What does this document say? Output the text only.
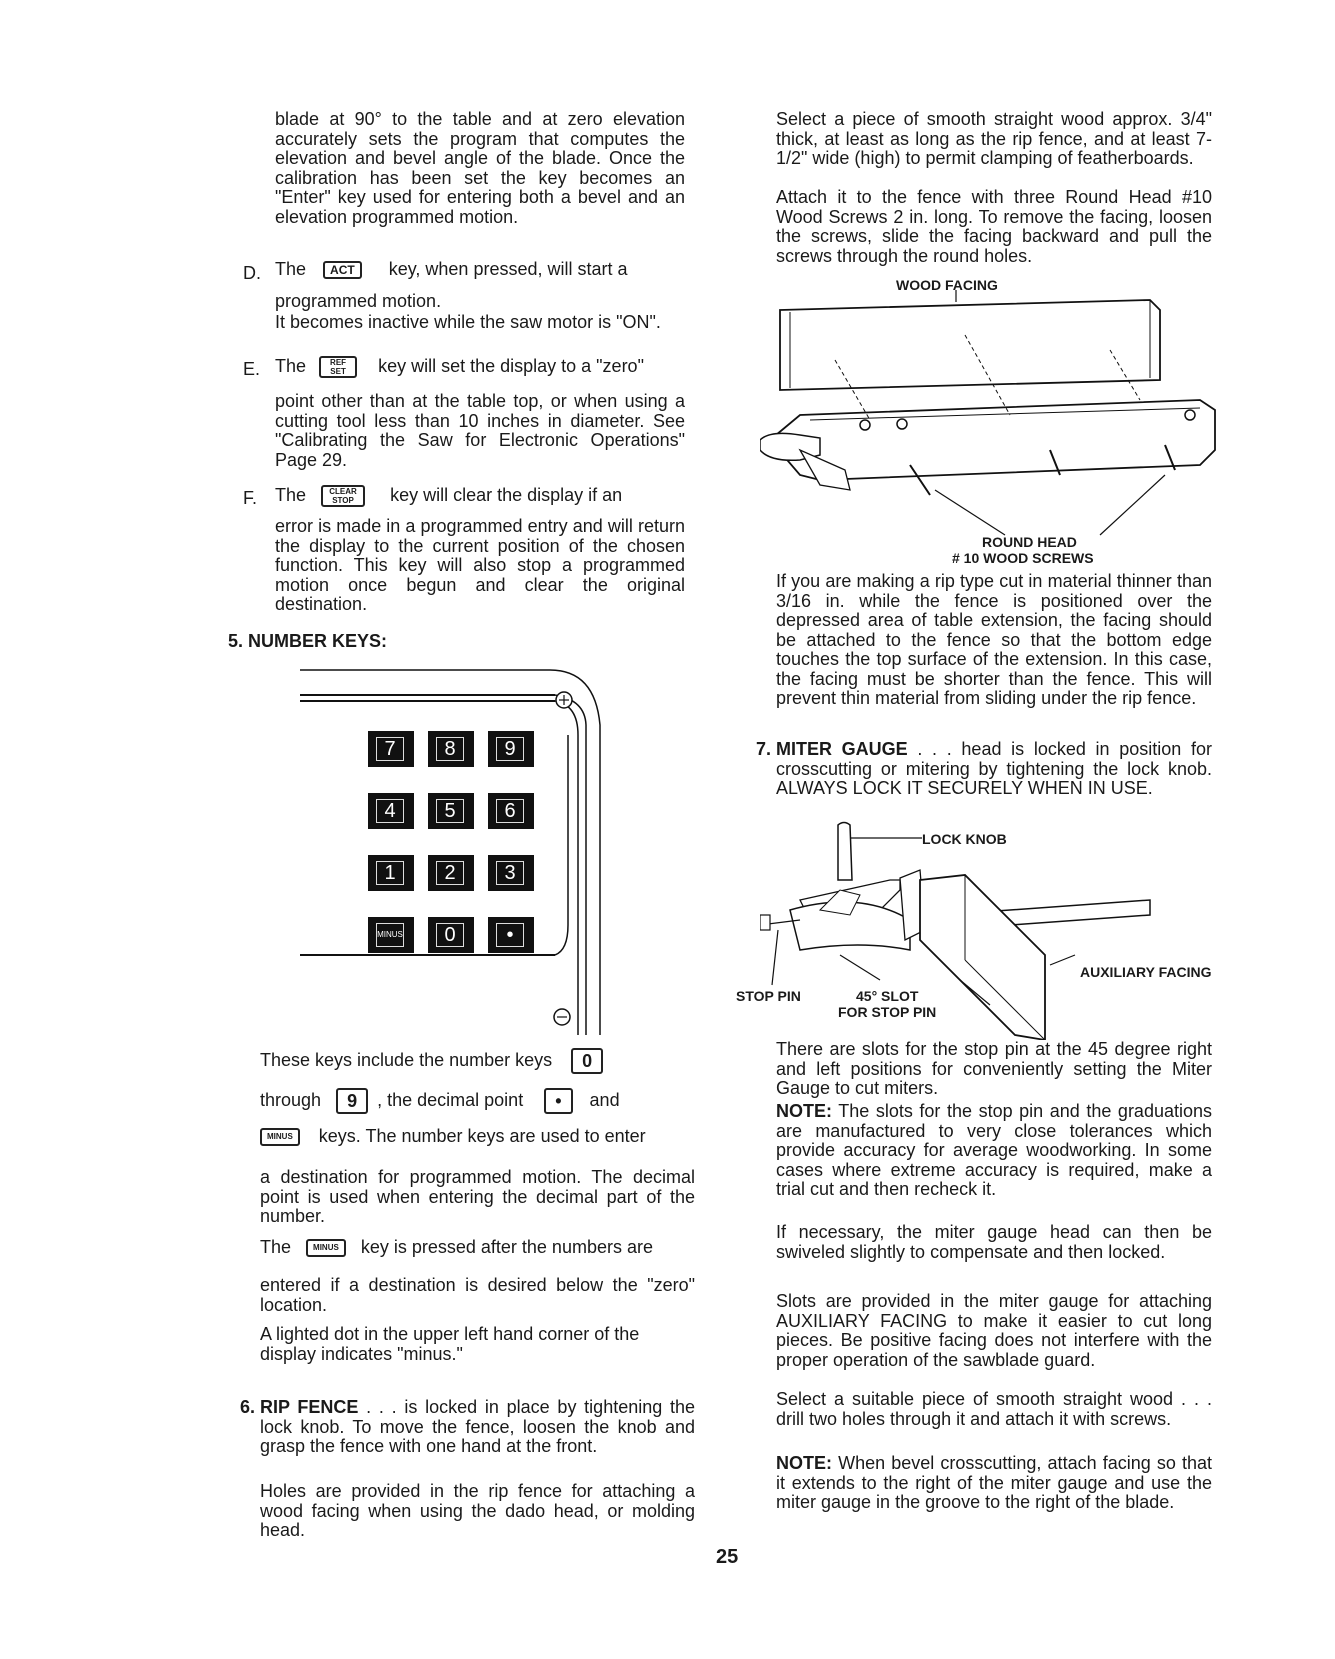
blade at 90° to the table and at zero elevation accurately sets the program that computes the elevation and bevel angle of the blade. Once the calibration has been set the key becomes an "Enter" key used for entering both a bevel and an elevation programmed motion.

D. The ACT key, when pressed, will start a

programmed motion.

It becomes inactive while the saw motor is "ON".

E. The	REF SET key will set the display to a "zero"

point other than at the table top, or when using a cutting tool less than 10 inches in diameter. See "Calibrating the Saw for Electronic Operations" Page 29.

F. The	CLEAR STOP key will clear the display if an

error is made in a programmed entry and will return the display to the current position of the chosen function. This key will also stop a programmed motion once begun and clear the original destination.

5. NUMBER KEYS:

7	8	9
4	5	6
1	2	3
MINUS	0	•
These keys include the number keys 0
through 9 , the decimal point • and
MINUS keys. The number keys are used to enter

a destination for programmed motion. The decimal point is used when entering the decimal part of the number.

The	MINUS key is pressed after the numbers are

entered if a destination is desired below the "zero" location.

A lighted dot in the upper left hand corner of the display indicates "minus."

6. RIP FENCE . . . is locked in place by tightening the lock knob. To move the fence, loosen the knob and grasp the fence with one hand at the front.

Holes are provided in the rip fence for attaching a wood facing when using the dado head, or molding head.

Select a piece of smooth straight wood approx. 3/4" thick, at least as long as the rip fence, and at least 7-1/2" wide (high) to permit clamping of featherboards.

Attach it to the fence with three Round Head #10 Wood Screws 2 in. long. To remove the facing, loosen the screws, slide the facing backward and pull the screws through the round holes.

WOOD FACING
ROUND HEAD
# 10 WOOD SCREWS

If you are making a rip type cut in material thinner than 3/16 in. while the fence is positioned over the depressed area of table extension, the facing should be attached to the fence so that the bottom edge touches the top surface of the extension. In this case, the facing must be shorter than the fence. This will prevent thin material from sliding under the rip fence.

7. MITER GAUGE . . . head is locked in position for crosscutting or mitering by tightening the lock knob. ALWAYS LOCK IT SECURELY WHEN IN USE.

LOCK KNOB
AUXILIARY FACING
STOP PIN	45° SLOT
FOR STOP PIN

There are slots for the stop pin at the 45 degree right and left positions for conveniently setting the Miter Gauge to cut miters.

NOTE: The slots for the stop pin and the graduations are manufactured to very close tolerances which provide accuracy for average woodworking. In some cases where extreme accuracy is required, make a trial cut and then recheck it.

If necessary, the miter gauge head can then be swiveled slightly to compensate and then locked.

Slots are provided in the miter gauge for attaching AUXILIARY FACING to make it easier to cut long pieces. Be positive facing does not interfere with the proper operation of the sawblade guard.

Select a suitable piece of smooth straight wood . . . drill two holes through it and attach it with screws.

NOTE: When bevel crosscutting, attach facing so that it extends to the right of the miter gauge and use the miter gauge in the groove to the right of the blade.

25
